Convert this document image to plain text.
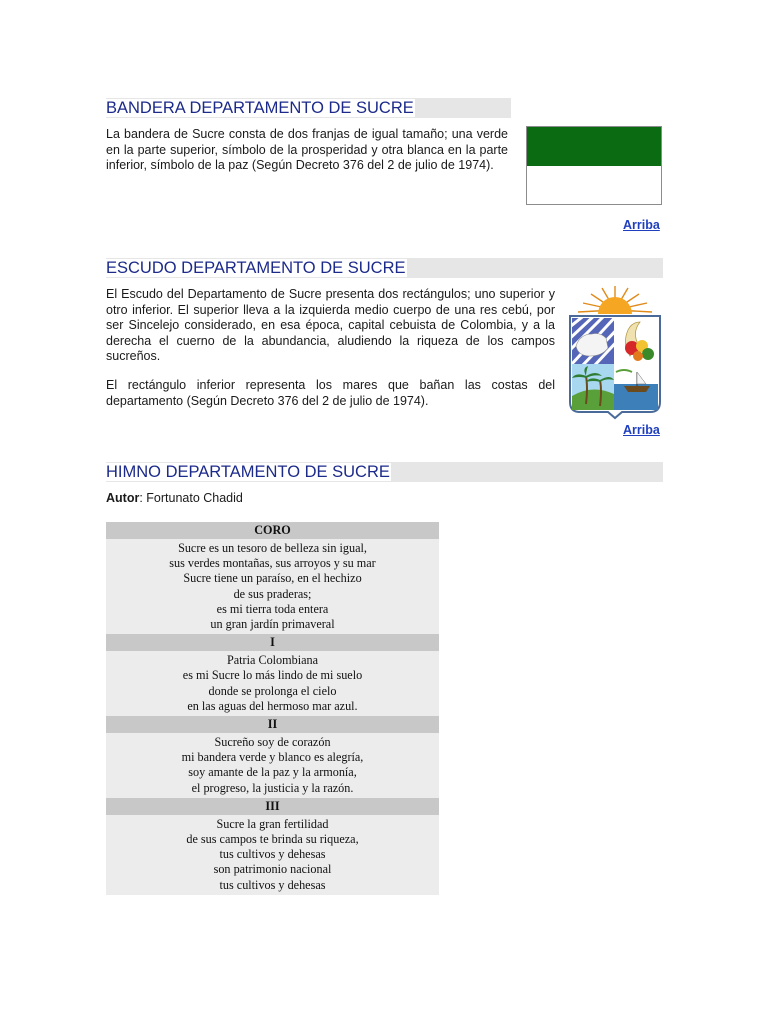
BANDERA DEPARTAMENTO DE SUCRE

La bandera de Sucre consta de dos franjas de igual tamaño; una verde en la parte superior, símbolo de la prosperidad y otra blanca en la parte inferior, símbolo de la paz (Según Decreto 376 del 2 de julio de 1974).

Arriba
ESCUDO DEPARTAMENTO DE SUCRE

El Escudo del Departamento de Sucre presenta dos rectángulos; uno superior y otro inferior. El superior lleva a la izquierda medio cuerpo de una res cebú, por ser Sincelejo considerado, en esa época, capital cebuista de Colombia, y a la derecha el cuerno de la abundancia, aludiendo la riqueza de los campos sucreños.

El rectángulo inferior representa los mares que bañan las costas del departamento (Según Decreto 376 del 2 de julio de 1974).

Arriba
HIMNO DEPARTAMENTO DE SUCRE
Autor: Fortunato Chadid
CORO

Sucre es un tesoro de belleza sin igual,
sus verdes montañas, sus arroyos y su mar
Sucre tiene un paraíso, en el hechizo
de sus praderas;
es mi tierra toda entera
un gran jardín primaveral

I

Patria Colombiana
es mi Sucre lo más lindo de mi suelo
donde se prolonga el cielo
en las aguas del hermoso mar azul.

II

Sucreño soy de corazón
mi bandera verde y blanco es alegría,
soy amante de la paz y la armonía,
el progreso, la justicia y la razón.

III

Sucre la gran fertilidad
de sus campos te brinda su riqueza,
tus cultivos y dehesas
son patrimonio nacional
tus cultivos y dehesas
